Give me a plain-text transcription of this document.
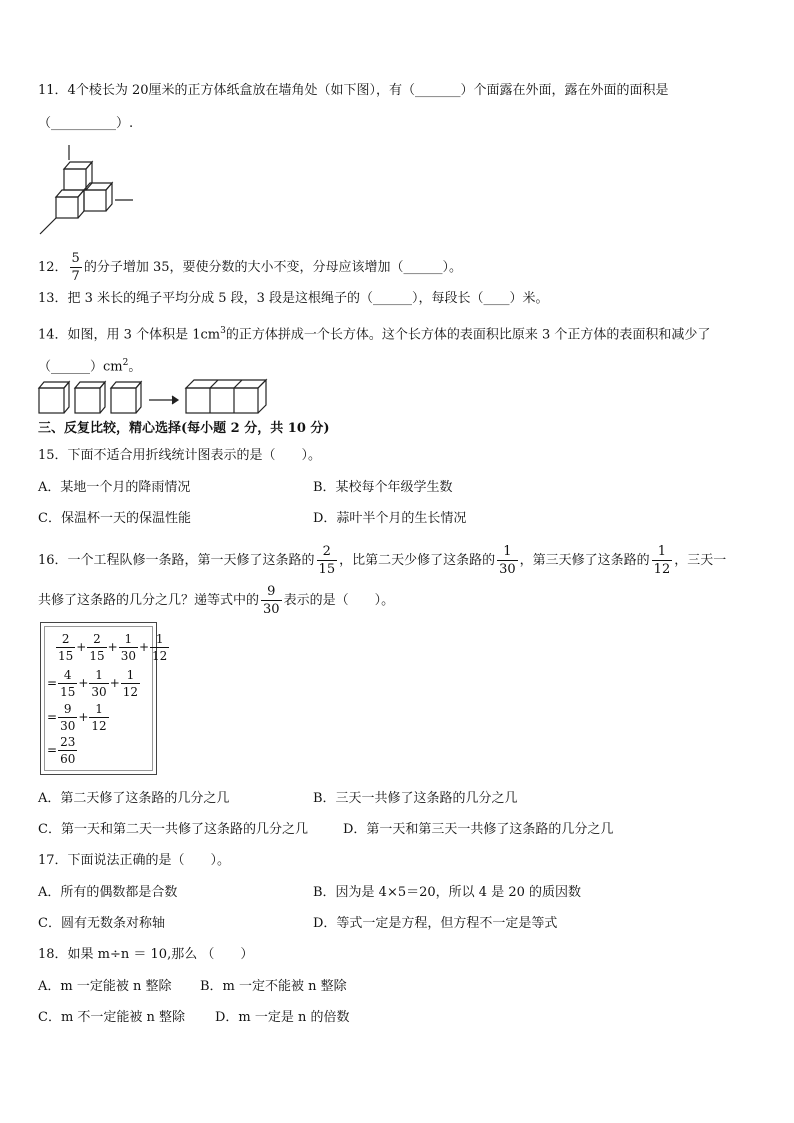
11．4个棱长为 20厘米的正方体纸盒放在墙角处（如下图），有（_______）个面露在外面，露在外面的面积是
（__________）.
12． $\frac{5}{7}$ 的分子增加 35，要使分数的大小不变，分母应该增加（______）。
13．把 3 米长的绳子平均分成 5 段，3 段是这根绳子的（______），每段长（____）米。
14．如图，用 3 个体积是 $1cm^3$的正方体拼成一个长方体。这个长方体的表面积比原来 3 个正方体的表面积和减少了
$(\_\_\_\_\_\_)cm^2$。
三、反复比较，精心选择(每小题 2 分，共 10 分)
15．下面不适合用折线统计图表示的是（　　）。
A．某地一个月的降雨情况	B．某校每个年级学生数
C．保温杯一天的保温性能	D．蒜叶半个月的生长情况
16．一个工程队修一条路，第一天修了这条路的 $\frac{2}{15}$ ，比第二天少修了这条路的 $\frac{1}{30}$ ，第三天修了这条路的 $\frac{1}{12}$ ，三天一
共修了这条路的几分之几？递等式中的 $\frac{9}{30}$ 表示的是（　　）。
$\frac{2}{15} + \frac{2}{15} + \frac{1}{30} + \frac{1}{12}$
= $\frac{4}{15} + \frac{1}{30} + \frac{1}{12}$
= $\frac{9}{30} + \frac{1}{12}$
= $\frac{23}{60}$
A．第二天修了这条路的几分之几	B．三天一共修了这条路的几分之几
C．第一天和第二天一共修了这条路的几分之几	D．第一天和第三天一共修了这条路的几分之几
17．下面说法正确的是（　　）。
A．所有的偶数都是合数	B．因为是 4×5＝20，所以 4 是 20 的质因数
C．圆有无数条对称轴	D．等式一定是方程，但方程不一定是等式
18．如果 m÷n ＝ 10,那么 （　　）
A．m 一定能被 n 整除 B．m 一定不能被 n 整除
C．m 不一定能被 n 整除 D．m 一定是 n 的倍数
